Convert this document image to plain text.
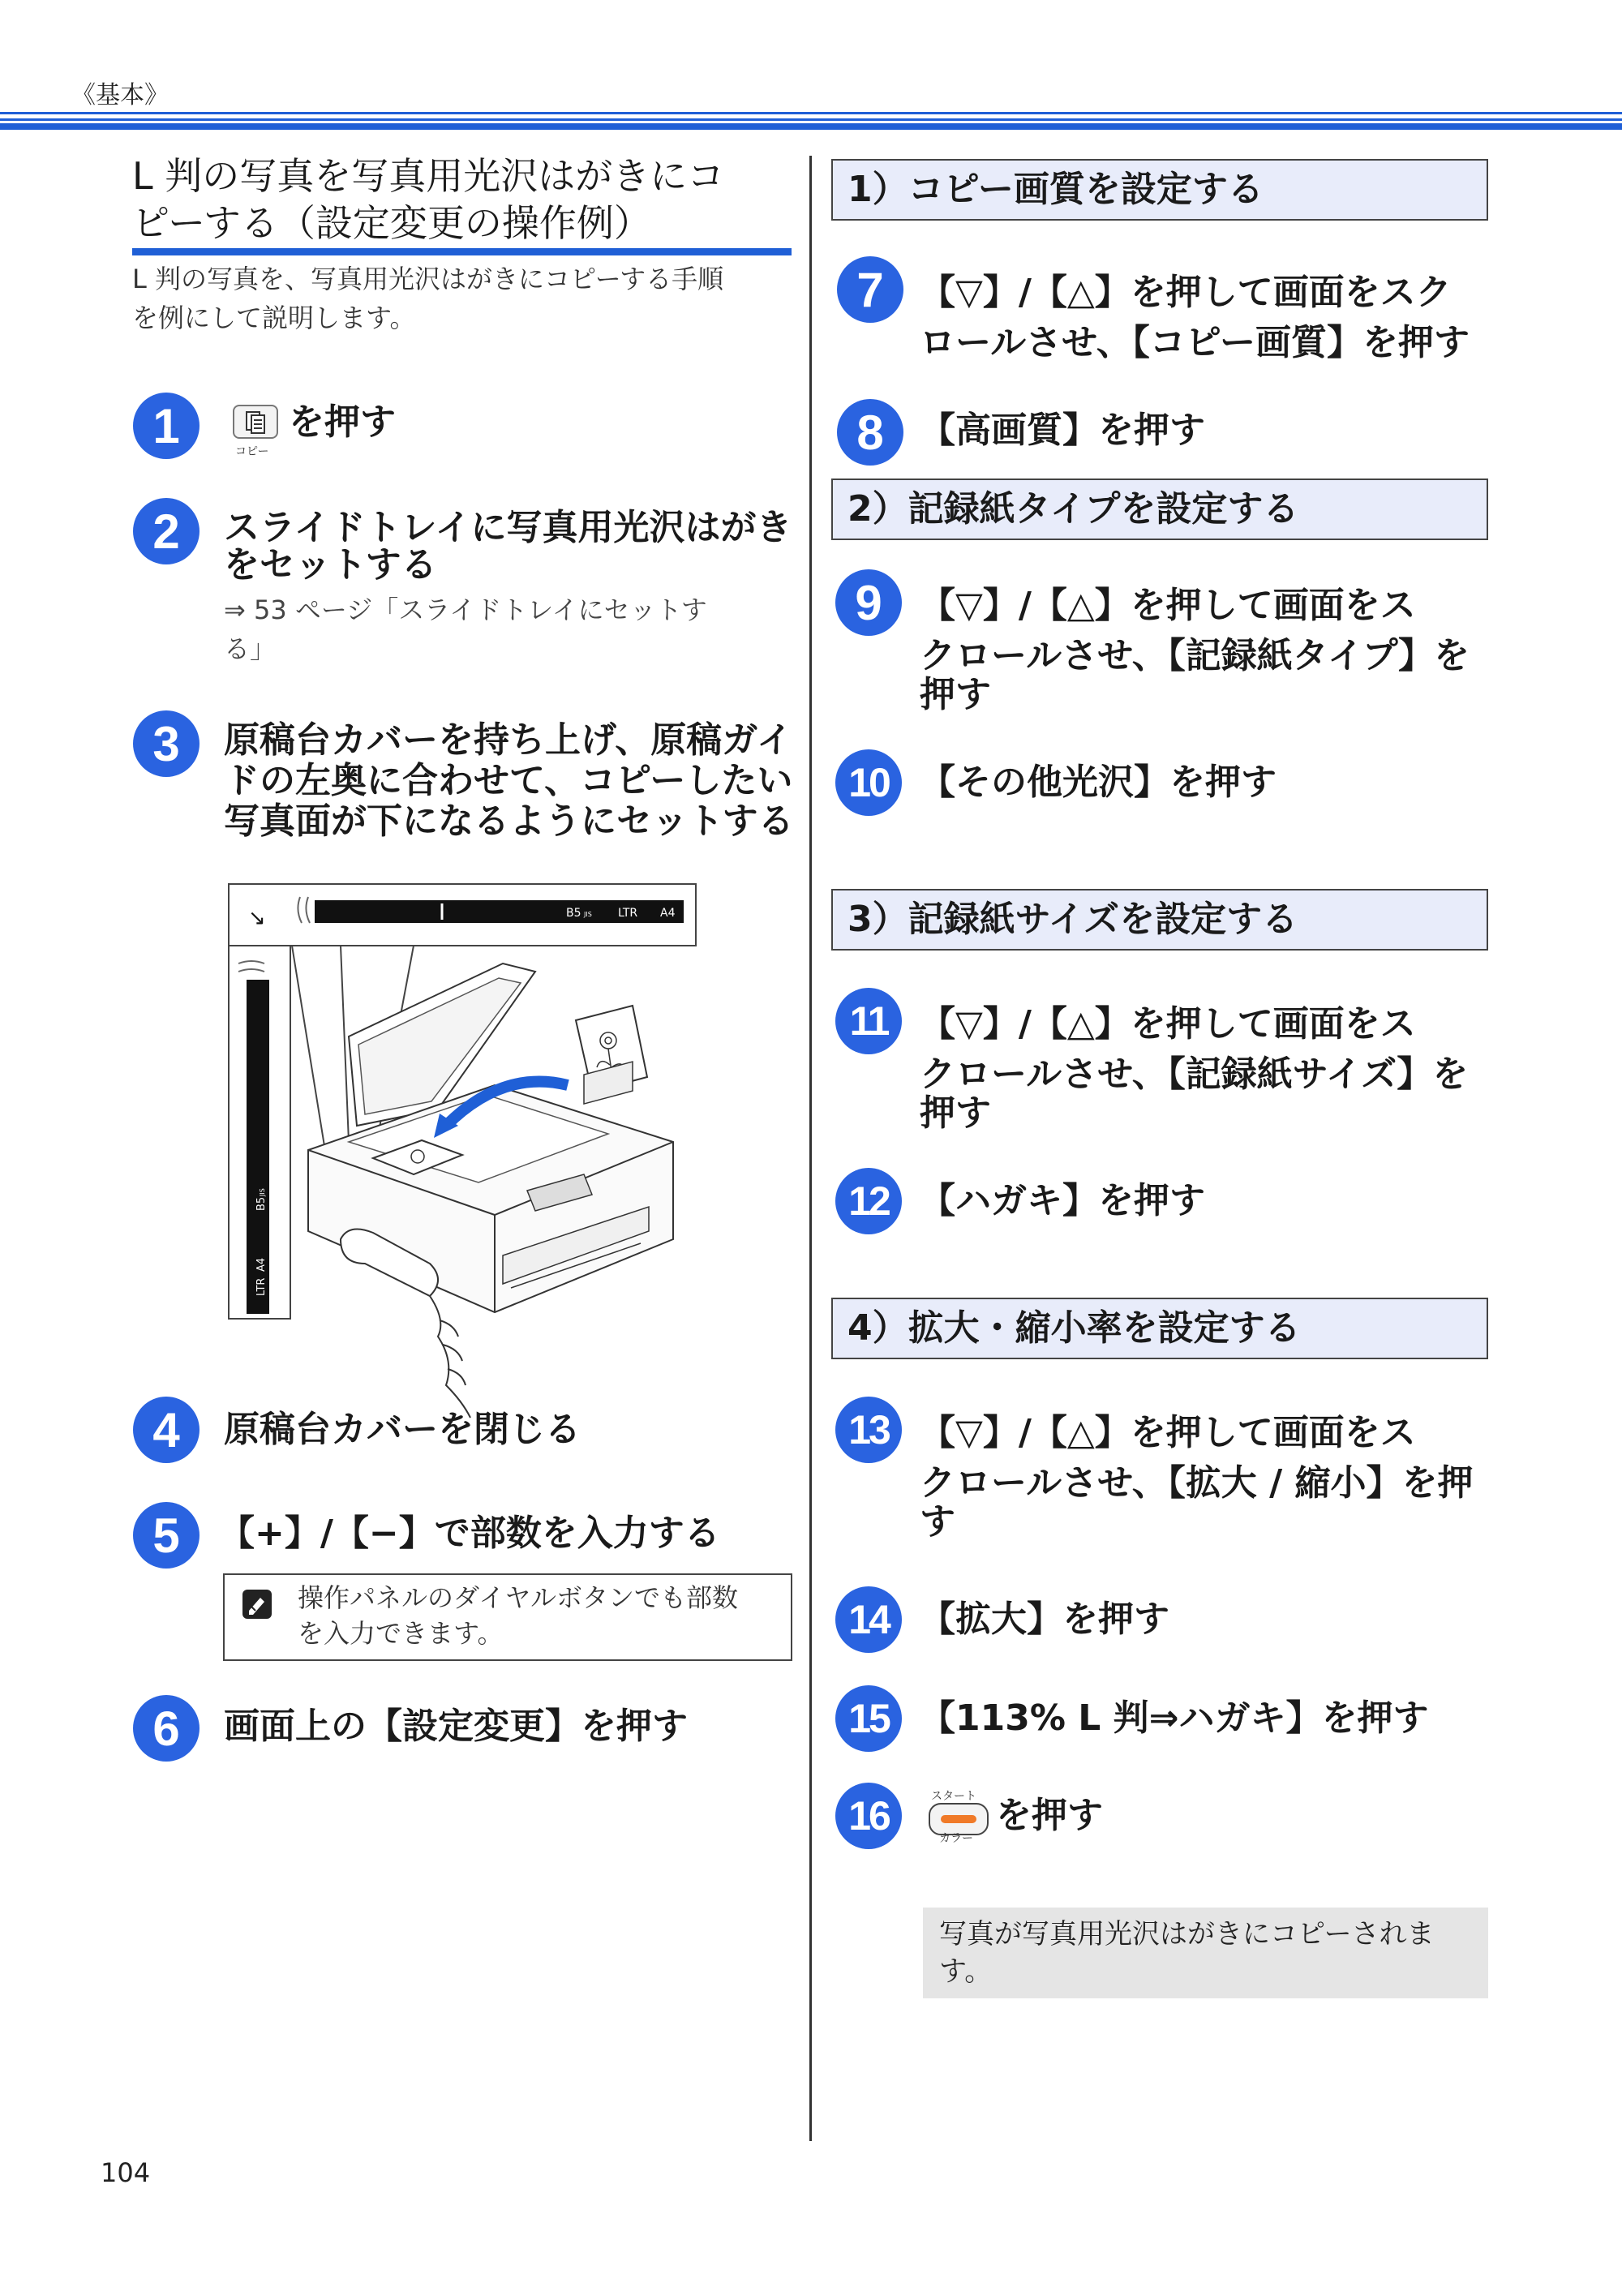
《基本》
L 判の写真を写真用光沢はがきにコ
ピーする（設定変更の操作例）
L 判の写真を、写真用光沢はがきにコピーする手順
を例にして説明します。
1	コピー
を押す
2	スライドトレイに写真用光沢はがき
をセットする
⇒ 53 ページ「スライドトレイにセットす
る」
3	原稿台カバーを持ち上げ、原稿ガイ
ドの左奥に合わせて、コピーしたい
写真面が下になるようにセットする
↘	B5 JIS LTR A4
B5
JIS
LTR
A4
4	原稿台カバーを閉じる
5	【+】/【−】で部数を入力する
操作パネルのダイヤルボタンでも部数
を入力できます。
6	画面上の【設定変更】を押す
1）コピー画質を設定する
7	【▽】/【△】を押して画面をスク
ロールさせ、【コピー画質】を押す
8	【高画質】を押す
2）記録紙タイプを設定する
9	【▽】/【△】を押して画面をス
クロールさせ、【記録紙タイプ】を
押す
10 【その他光沢】を押す
3）記録紙サイズを設定する
11 【▽】/【△】を押して画面をス
クロールさせ、【記録紙サイズ】を
押す
12 【ハガキ】を押す
4）拡大・縮小率を設定する
13 【▽】/【△】を押して画面をス
クロールさせ、【拡大 / 縮小】を押
す
14 【拡大】を押す
15 【113% L 判⇒ハガキ】を押す
16	スタート
カラー
を押す
写真が写真用光沢はがきにコピーされま
す。
104
